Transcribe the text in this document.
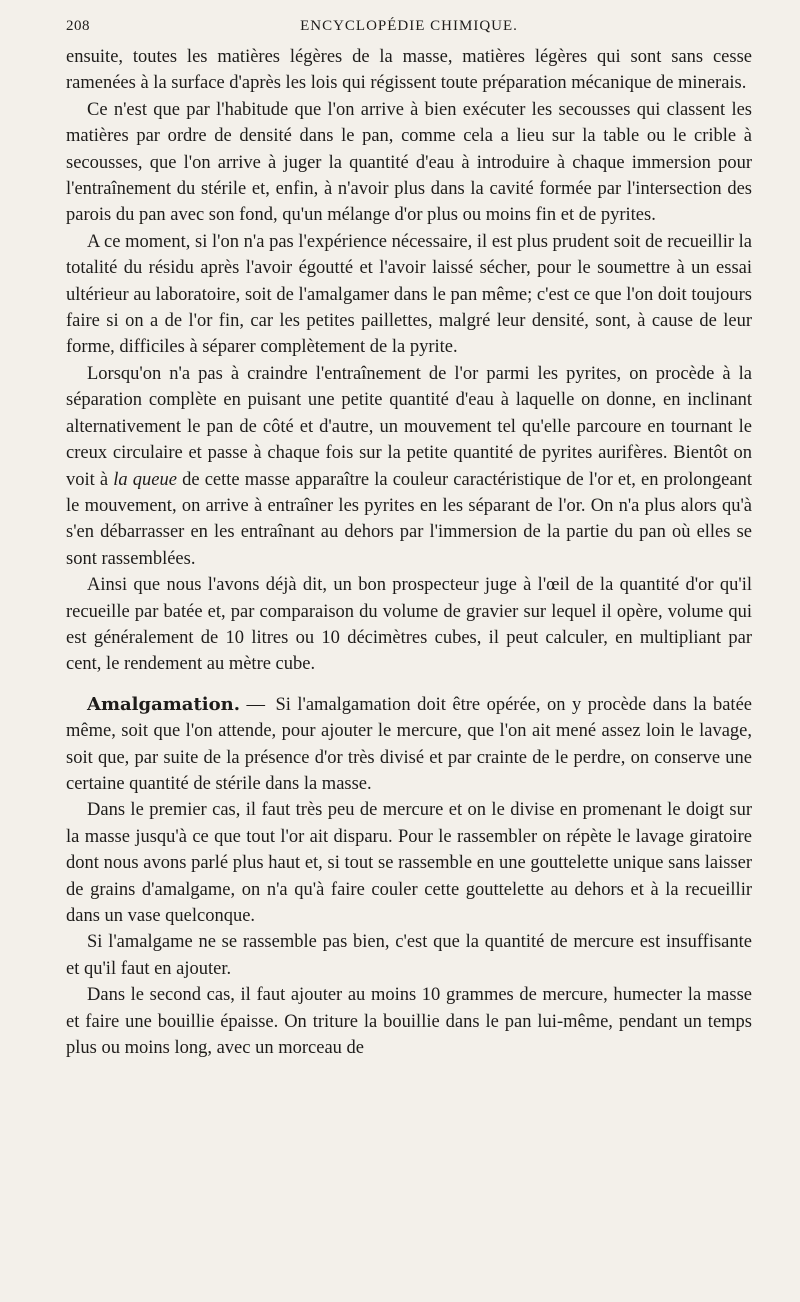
208	ENCYCLOPÉDIE CHIMIQUE.

ensuite, toutes les matières légères de la masse, matières légères qui sont sans cesse ramenées à la surface d'après les lois qui régissent toute préparation mécanique de minerais.

Ce n'est que par l'habitude que l'on arrive à bien exécuter les secousses qui classent les matières par ordre de densité dans le pan, comme cela a lieu sur la table ou le crible à secousses, que l'on arrive à juger la quantité d'eau à introduire à chaque immersion pour l'entraînement du stérile et, enfin, à n'avoir plus dans la cavité formée par l'intersection des parois du pan avec son fond, qu'un mélange d'or plus ou moins fin et de pyrites.

A ce moment, si l'on n'a pas l'expérience nécessaire, il est plus prudent soit de recueillir la totalité du résidu après l'avoir égoutté et l'avoir laissé sécher, pour le soumettre à un essai ultérieur au laboratoire, soit de l'amalgamer dans le pan même; c'est ce que l'on doit toujours faire si on a de l'or fin, car les petites paillettes, malgré leur densité, sont, à cause de leur forme, difficiles à séparer complètement de la pyrite.

Lorsqu'on n'a pas à craindre l'entraînement de l'or parmi les pyrites, on procède à la séparation complète en puisant une petite quantité d'eau à laquelle on donne, en inclinant alternativement le pan de côté et d'autre, un mouvement tel qu'elle parcoure en tournant le creux circulaire et passe à chaque fois sur la petite quantité de pyrites aurifères. Bientôt on voit à la queue de cette masse apparaître la couleur caractéristique de l'or et, en prolongeant le mouvement, on arrive à entraîner les pyrites en les séparant de l'or. On n'a plus alors qu'à s'en débarrasser en les entraînant au dehors par l'immersion de la partie du pan où elles se sont rassemblées.

Ainsi que nous l'avons déjà dit, un bon prospecteur juge à l'œil de la quantité d'or qu'il recueille par batée et, par comparaison du volume de gravier sur lequel il opère, volume qui est généralement de 10 litres ou 10 décimètres cubes, il peut calculer, en multipliant par cent, le rendement au mètre cube.

Amalgamation. — Si l'amalgamation doit être opérée, on y procède dans la batée même, soit que l'on attende, pour ajouter le mercure, que l'on ait mené assez loin le lavage, soit que, par suite de la présence d'or très divisé et par crainte de le perdre, on conserve une certaine quantité de stérile dans la masse.

Dans le premier cas, il faut très peu de mercure et on le divise en promenant le doigt sur la masse jusqu'à ce que tout l'or ait disparu. Pour le rassembler on répète le lavage giratoire dont nous avons parlé plus haut et, si tout se rassemble en une gouttelette unique sans laisser de grains d'amalgame, on n'a qu'à faire couler cette gouttelette au dehors et à la recueillir dans un vase quelconque.

Si l'amalgame ne se rassemble pas bien, c'est que la quantité de mercure est insuffisante et qu'il faut en ajouter.

Dans le second cas, il faut ajouter au moins 10 grammes de mercure, humecter la masse et faire une bouillie épaisse. On triture la bouillie dans le pan lui-même, pendant un temps plus ou moins long, avec un morceau de
